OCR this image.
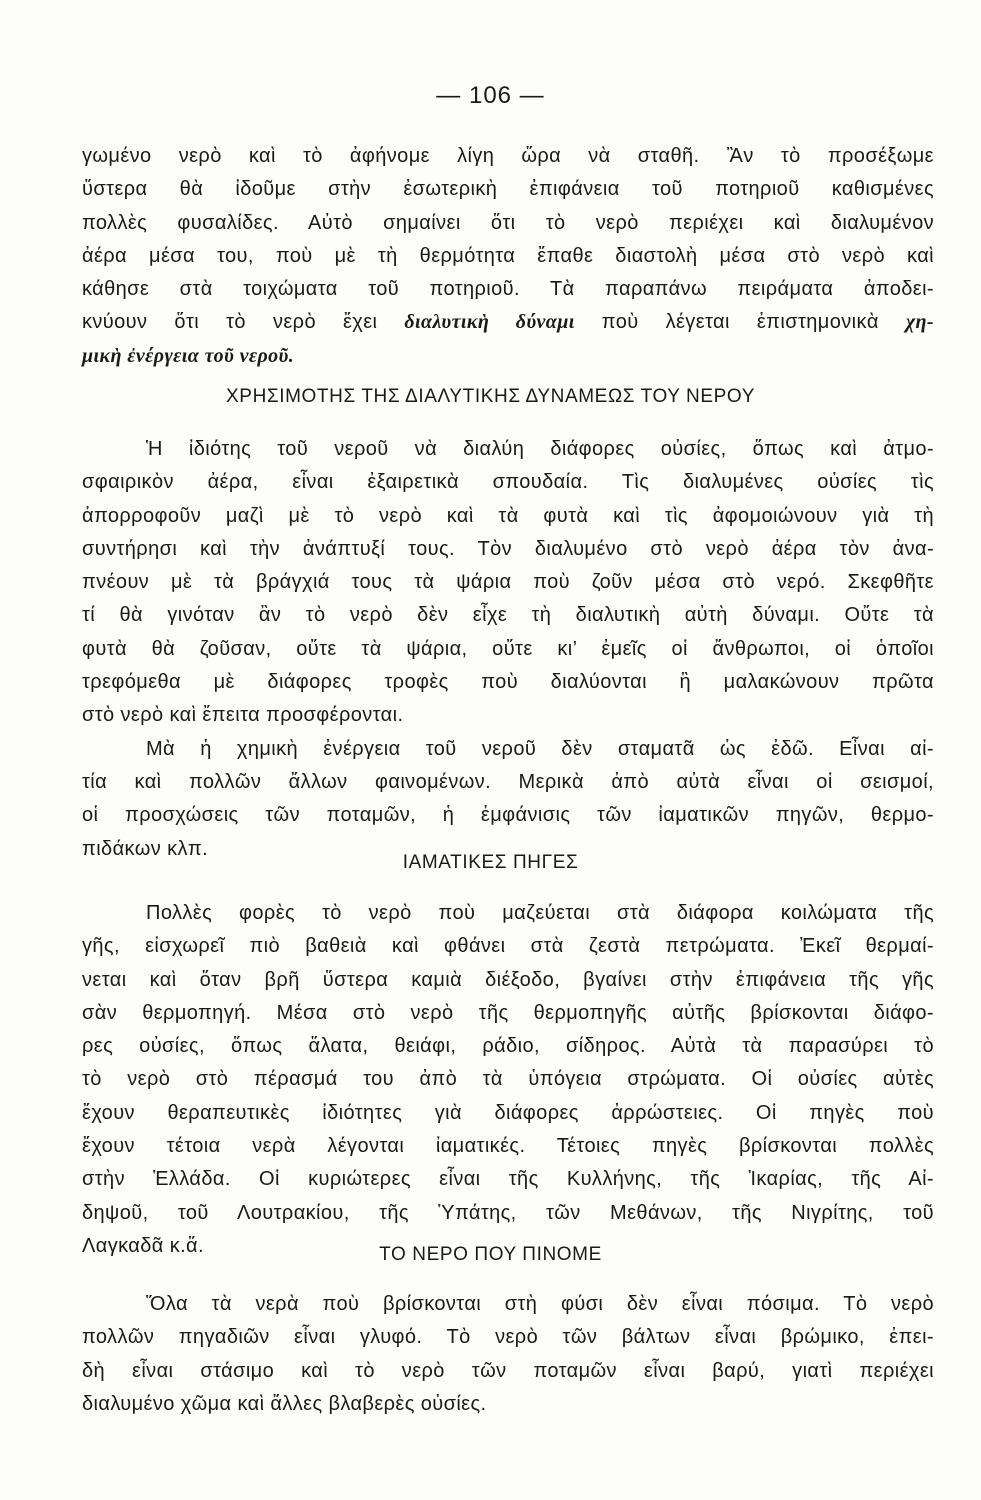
— 106 —
γωμένο νερὸ καὶ τὸ ἀφήνομε λίγη ὥρα νὰ σταθῆ. Ἂν τὸ προσέξωμε
ὕστερα θὰ ἰδοῦμε στὴν ἐσωτερικὴ ἐπιφάνεια τοῦ ποτηριοῦ καθισμένες
πολλὲς φυσαλίδες. Αὐτὸ σημαίνει ὅτι τὸ νερὸ περιέχει καὶ διαλυμένον
ἀέρα μέσα του, ποὺ μὲ τὴ θερμότητα ἔπαθε διαστολὴ μέσα στὸ νερὸ καὶ
κάθησε στὰ τοιχώματα τοῦ ποτηριοῦ. Τὰ παραπάνω πειράματα ἀποδει-
κνύουν ὅτι τὸ νερὸ ἔχει διαλυτικὴ δύναμι ποὺ λέγεται ἐπιστημονικὰ χη-
μικὴ ἐνέργεια τοῦ νεροῦ.
ΧΡΗΣΙΜΟΤΗΣ ΤΗΣ ΔΙΑΛΥΤΙΚΗΣ ΔΥΝΑΜΕΩΣ ΤΟΥ ΝΕΡΟΥ
Ἡ ἰδιότης τοῦ νεροῦ νὰ διαλύη διάφορες οὐσίες, ὅπως καὶ ἀτμο-
σφαιρικὸν ἀέρα, εἶναι ἐξαιρετικὰ σπουδαία. Τὶς διαλυμένες οὐσίες τὶς
ἀπορροφοῦν μαζὶ μὲ τὸ νερὸ καὶ τὰ φυτὰ καὶ τὶς ἀφομοιώνουν γιὰ τὴ
συντήρησι καὶ τὴν ἀνάπτυξί τους. Τὸν διαλυμένο στὸ νερὸ ἀέρα τὸν ἀνα-
πνέουν μὲ τὰ βράγχιά τους τὰ ψάρια ποὺ ζοῦν μέσα στὸ νερό. Σκεφθῆτε
τί θὰ γινόταν ἂν τὸ νερὸ δὲν εἶχε τὴ διαλυτικὴ αὐτὴ δύναμι. Οὔτε τὰ
φυτὰ θὰ ζοῦσαν, οὔτε τὰ ψάρια, οὔτε κι’ ἐμεῖς οἱ ἄνθρωποι, οἱ ὁποῖοι
τρεφόμεθα μὲ διάφορες τροφὲς ποὺ διαλύονται ἢ μαλακώνουν πρῶτα
στὸ νερὸ καὶ ἔπειτα προσφέρονται.
Μὰ ἡ χημικὴ ἐνέργεια τοῦ νεροῦ δὲν σταματᾶ ὡς ἐδῶ. Εἶναι αἰ-
τία καὶ πολλῶν ἄλλων φαινομένων. Μερικὰ ἀπὸ αὐτὰ εἶναι οἱ σεισμοί,
οἱ προσχώσεις τῶν ποταμῶν, ἡ ἐμφάνισις τῶν ἰαματικῶν πηγῶν, θερμο-
πιδάκων κλπ.
ΙΑΜΑΤΙΚΕΣ ΠΗΓΕΣ
Πολλὲς φορὲς τὸ νερὸ ποὺ μαζεύεται στὰ διάφορα κοιλώματα τῆς
γῆς, εἰσχωρεῖ πιὸ βαθειὰ καὶ φθάνει στὰ ζεστὰ πετρώματα. Ἐκεῖ θερμαί-
νεται καὶ ὅταν βρῆ ὕστερα καμιὰ διέξοδο, βγαίνει στὴν ἐπιφάνεια τῆς γῆς
σὰν θερμοπηγή. Μέσα στὸ νερὸ τῆς θερμοπηγῆς αὐτῆς βρίσκονται διάφο-
ρες οὐσίες, ὅπως ἅλατα, θειάφι, ράδιο, σίδηρος. Αὐτὰ τὰ παρασύρει τὸ
τὸ νερὸ στὸ πέρασμά του ἀπὸ τὰ ὑπόγεια στρώματα. Οἱ οὐσίες αὐτὲς
ἔχουν θεραπευτικὲς ἰδιότητες γιὰ διάφορες ἀρρώστειες. Οἱ πηγὲς ποὺ
ἔχουν τέτοια νερὰ λέγονται ἰαματικές. Τέτοιες πηγὲς βρίσκονται πολλὲς
στὴν Ἑλλάδα. Οἱ κυριώτερες εἶναι τῆς Κυλλήνης, τῆς Ἰκαρίας, τῆς Αἰ-
δηψοῦ, τοῦ Λουτρακίου, τῆς Ὑπάτης, τῶν Μεθάνων, τῆς Νιγρίτης, τοῦ
Λαγκαδᾶ κ.ἅ.	ΤΟ ΝΕΡΟ ΠΟΥ ΠΙΝΟΜΕ
Ὅλα τὰ νερὰ ποὺ βρίσκονται στὴ φύσι δὲν εἶναι πόσιμα. Τὸ νερὸ
πολλῶν πηγαδιῶν εἶναι γλυφό. Τὸ νερὸ τῶν βάλτων εἶναι βρώμικο, ἐπει-
δὴ εἶναι στάσιμο καὶ τὸ νερὸ τῶν ποταμῶν εἶναι βαρύ, γιατὶ περιέχει
διαλυμένο χῶμα καὶ ἄλλες βλαβερὲς οὐσίες.
